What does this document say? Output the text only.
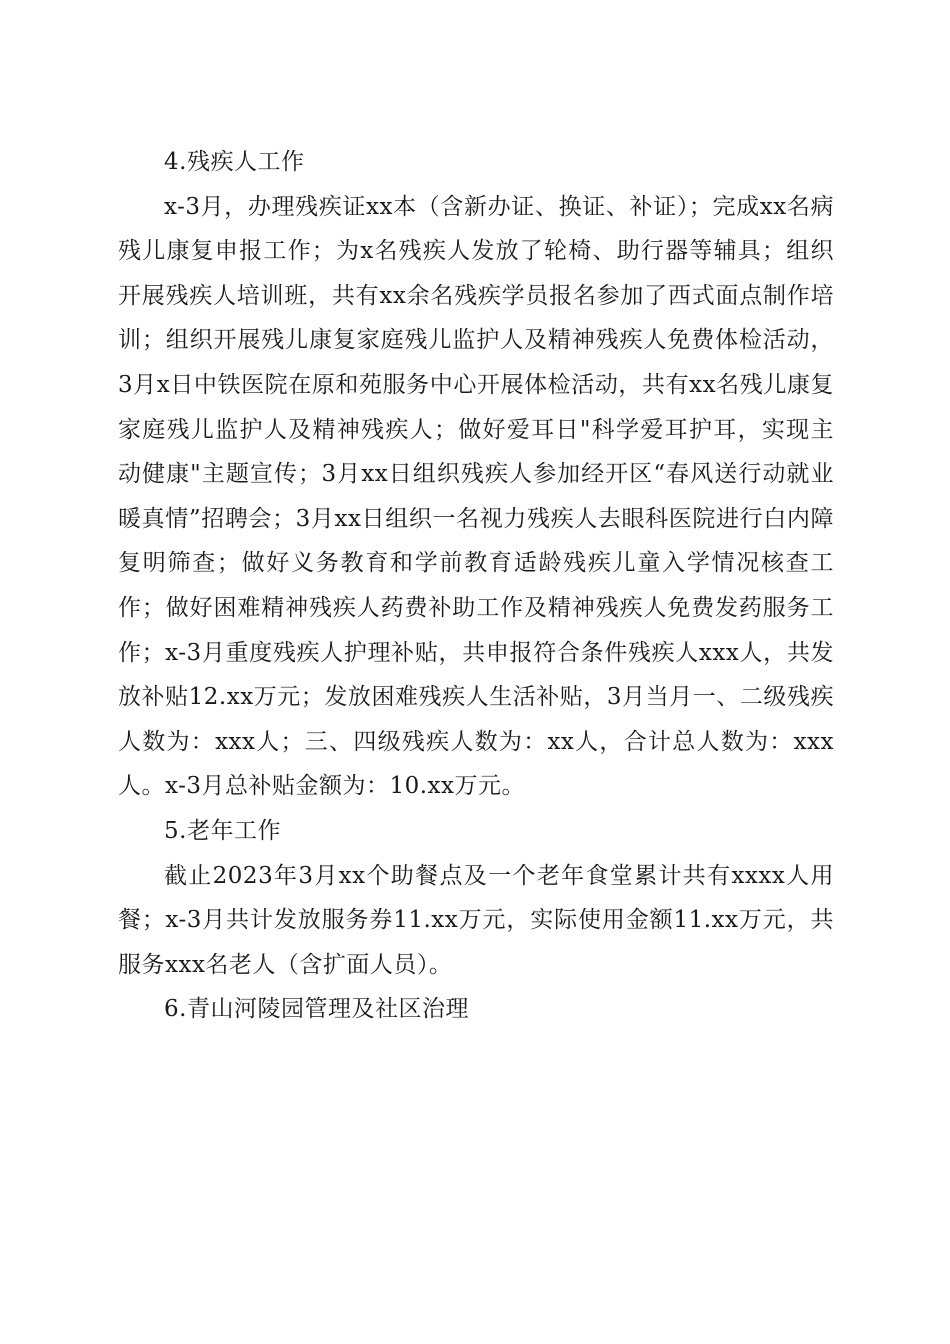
4.残疾人工作

x-3月，办理残疾证xx本（含新办证、换证、补证）；完成xx名病残儿康复申报工作；为x名残疾人发放了轮椅、助行器等辅具；组织开展残疾人培训班，共有xx余名残疾学员报名参加了西式面点制作培训；组织开展残儿康复家庭残儿监护人及精神残疾人免费体检活动，3月x日中铁医院在原和苑服务中心开展体检活动，共有xx名残儿康复家庭残儿监护人及精神残疾人；做好爱耳日"科学爱耳护耳，实现主动健康"主题宣传；3月xx日组织残疾人参加经开区“春风送行动就业暖真情”招聘会；3月xx日组织一名视力残疾人去眼科医院进行白内障复明筛查；做好义务教育和学前教育适龄残疾儿童入学情况核查工作；做好困难精神残疾人药费补助工作及精神残疾人免费发药服务工作；x-3月重度残疾人护理补贴，共申报符合条件残疾人xxx人，共发放补贴12.xx万元；发放困难残疾人生活补贴，3月当月一、二级残疾人数为：xxx人；三、四级残疾人数为：xx人，合计总人数为：xxx人。x-3月总补贴金额为：10.xx万元。

5.老年工作

截止2023年3月xx个助餐点及一个老年食堂累计共有xxxx人用餐；x-3月共计发放服务券11.xx万元，实际使用金额11.xx万元，共服务xxx名老人（含扩面人员）。

6.青山河陵园管理及社区治理
